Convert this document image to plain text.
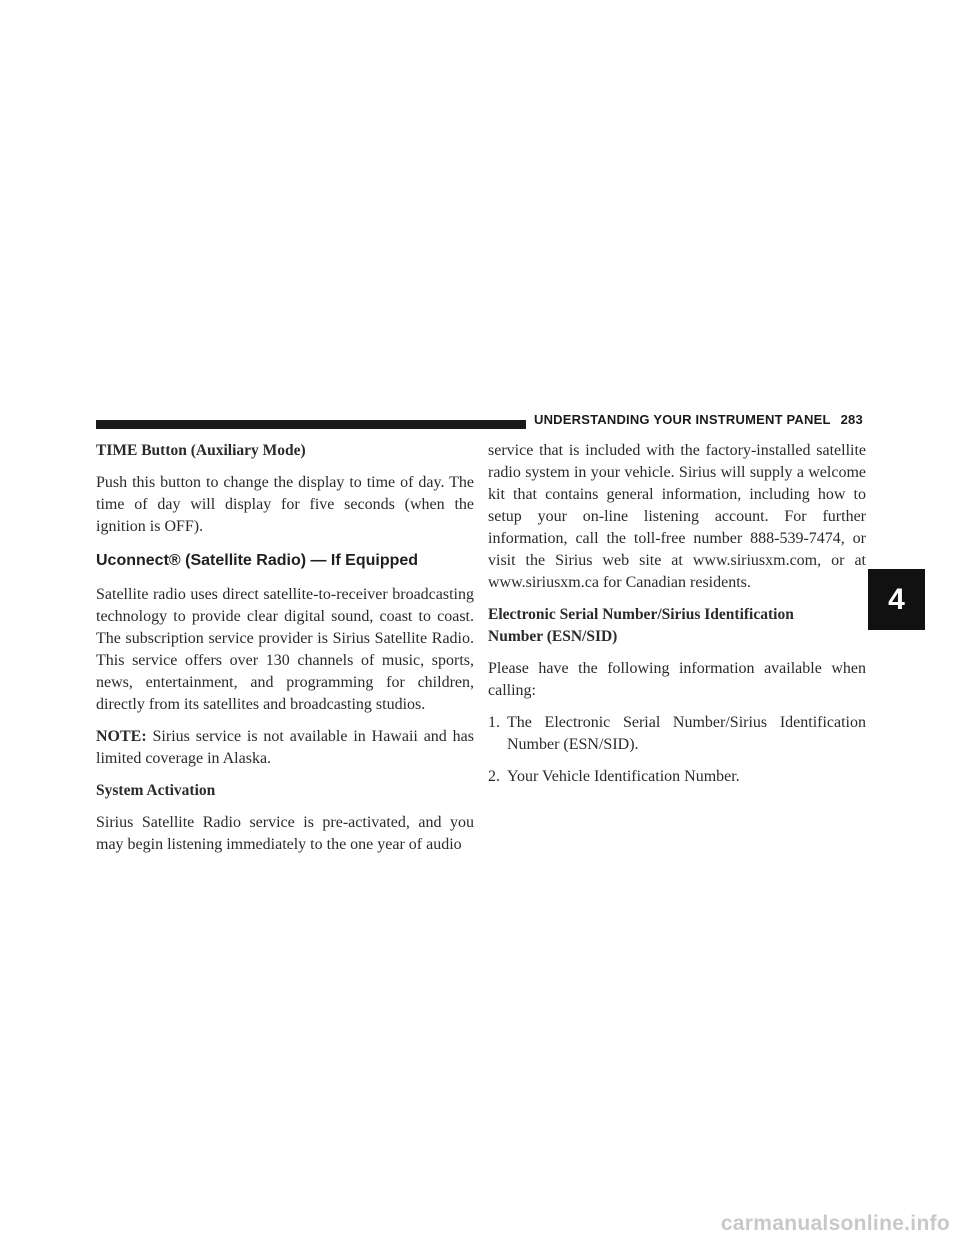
UNDERSTANDING YOUR INSTRUMENT PANEL 283

TIME Button (Auxiliary Mode)

Push this button to change the display to time of day. The time of day will display for five seconds (when the ignition is OFF).

Uconnect® (Satellite Radio) — If Equipped

Satellite radio uses direct satellite-to-receiver broadcasting technology to provide clear digital sound, coast to coast. The subscription service provider is Sirius Satellite Radio. This service offers over 130 channels of music, sports, news, entertainment, and programming for children, directly from its satellites and broadcasting studios.

NOTE: Sirius service is not available in Hawaii and has limited coverage in Alaska.

System Activation

Sirius Satellite Radio service is pre-activated, and you may begin listening immediately to the one year of audio

service that is included with the factory-installed satellite radio system in your vehicle. Sirius will supply a welcome kit that contains general information, including how to setup your on-line listening account. For further information, call the toll-free number 888-539-7474, or visit the Sirius web site at www.siriusxm.com, or at www.siriusxm.ca for Canadian residents.

Electronic Serial Number/Sirius Identification Number (ESN/SID)

Please have the following information available when calling:

1. The Electronic Serial Number/Sirius Identification Number (ESN/SID).
2. Your Vehicle Identification Number.
4
carmanualsonline.info
